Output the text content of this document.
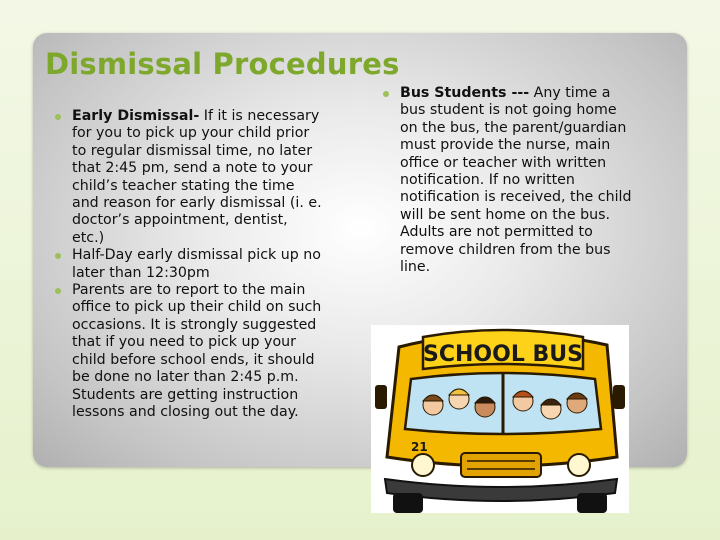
Dismissal Procedures
Early Dismissal- If it is necessary for you to pick up your child prior to regular dismissal time, no later that 2:45 pm, send a note to your child’s teacher stating the time and reason for early dismissal (i. e. doctor’s appointment, dentist, etc.)
Half-Day early dismissal pick up no later than 12:30pm
Parents are to report to the main office to pick up their child on such occasions. It is strongly suggested that if you need to pick up your child before school ends, it should be done no later than 2:45 p.m. Students are getting instruction lessons and closing out the day.
Bus Students --- Any time a bus student is not going home on the bus, the parent/guardian must provide the nurse, main office or teacher with written notification. If no written notification is received, the child will be sent home on the bus. Adults are not permitted to remove children from the bus line.
SCHOOL BUS
21
